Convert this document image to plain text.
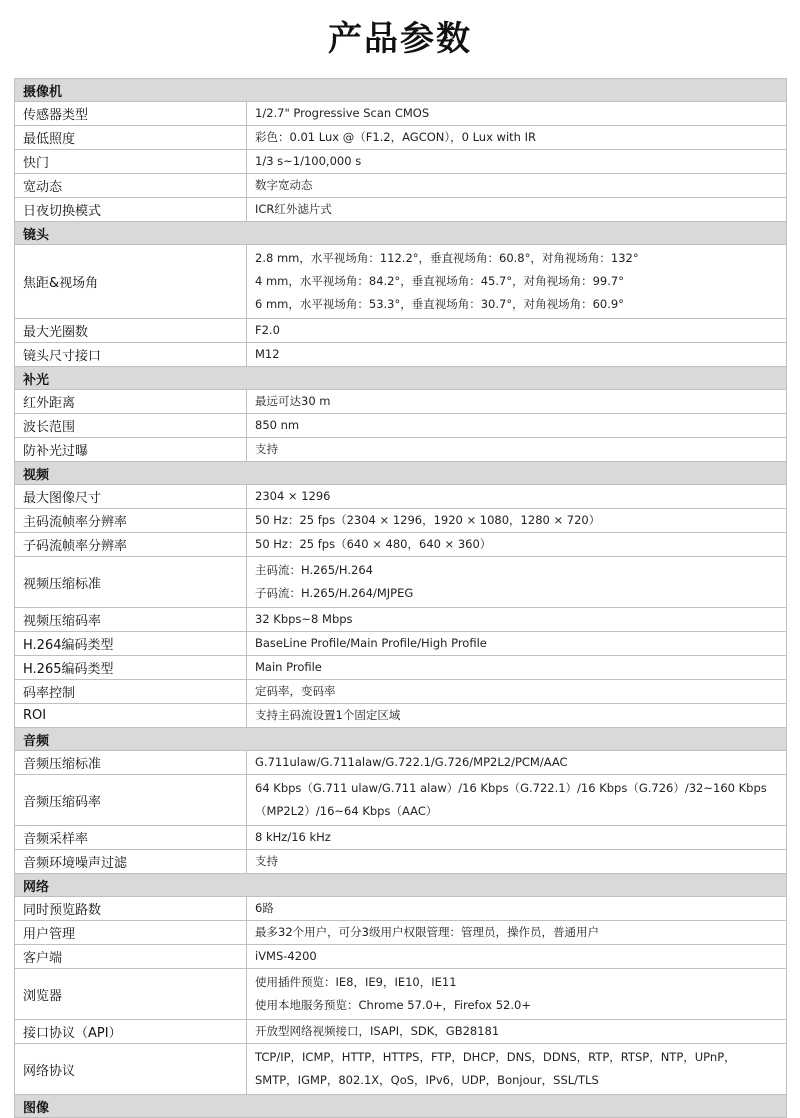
产品参数
摄像机	
传感器类型	1/2.7" Progressive Scan CMOS

最低照度	彩色：0.01 Lux @（F1.2，AGCON），0 Lux with IR

快门	1/3 s~1/100,000 s

宽动态	数字宽动态

日夜切换模式	ICR红外滤片式

镜头	
焦距&视场角	2.8 mm，水平视场角：112.2°，垂直视场角：60.8°，对角视场角：132°
4 mm，水平视场角：84.2°，垂直视场角：45.7°，对角视场角：99.7°
6 mm，水平视场角：53.3°，垂直视场角：30.7°，对角视场角：60.9°

最大光圈数	F2.0

镜头尺寸接口	M12

补光	
红外距离	最远可达30 m

波长范围	850 nm

防补光过曝	支持

视频	
最大图像尺寸	2304 × 1296

主码流帧率分辨率	50 Hz：25 fps（2304 × 1296，1920 × 1080，1280 × 720）

子码流帧率分辨率	50 Hz：25 fps（640 × 480，640 × 360）

视频压缩标准	主码流：H.265/H.264
子码流：H.265/H.264/MJPEG

视频压缩码率	32 Kbps~8 Mbps

H.264编码类型	BaseLine Profile/Main Profile/High Profile

H.265编码类型	Main Profile

码率控制	定码率，变码率

ROI	支持主码流设置1个固定区域

音频	
音频压缩标准	G.711ulaw/G.711alaw/G.722.1/G.726/MP2L2/PCM/AAC

音频压缩码率	64 Kbps（G.711 ulaw/G.711 alaw）/16 Kbps（G.722.1）/16 Kbps（G.726）/32~160 Kbps
（MP2L2）/16~64 Kbps（AAC）

音频采样率	8 kHz/16 kHz

音频环境噪声过滤	支持

网络	
同时预览路数	6路

用户管理	最多32个用户，可分3级用户权限管理：管理员，操作员，普通用户

客户端	iVMS-4200

浏览器	使用插件预览：IE8，IE9，IE10，IE11
使用本地服务预览：Chrome 57.0+，Firefox 52.0+

接口协议（API）	开放型网络视频接口，ISAPI，SDK，GB28181

网络协议	TCP/IP，ICMP，HTTP，HTTPS，FTP，DHCP，DNS，DDNS，RTP，RTSP，NTP，UPnP，
SMTP，IGMP，802.1X，QoS，IPv6，UDP，Bonjour，SSL/TLS

图像	
